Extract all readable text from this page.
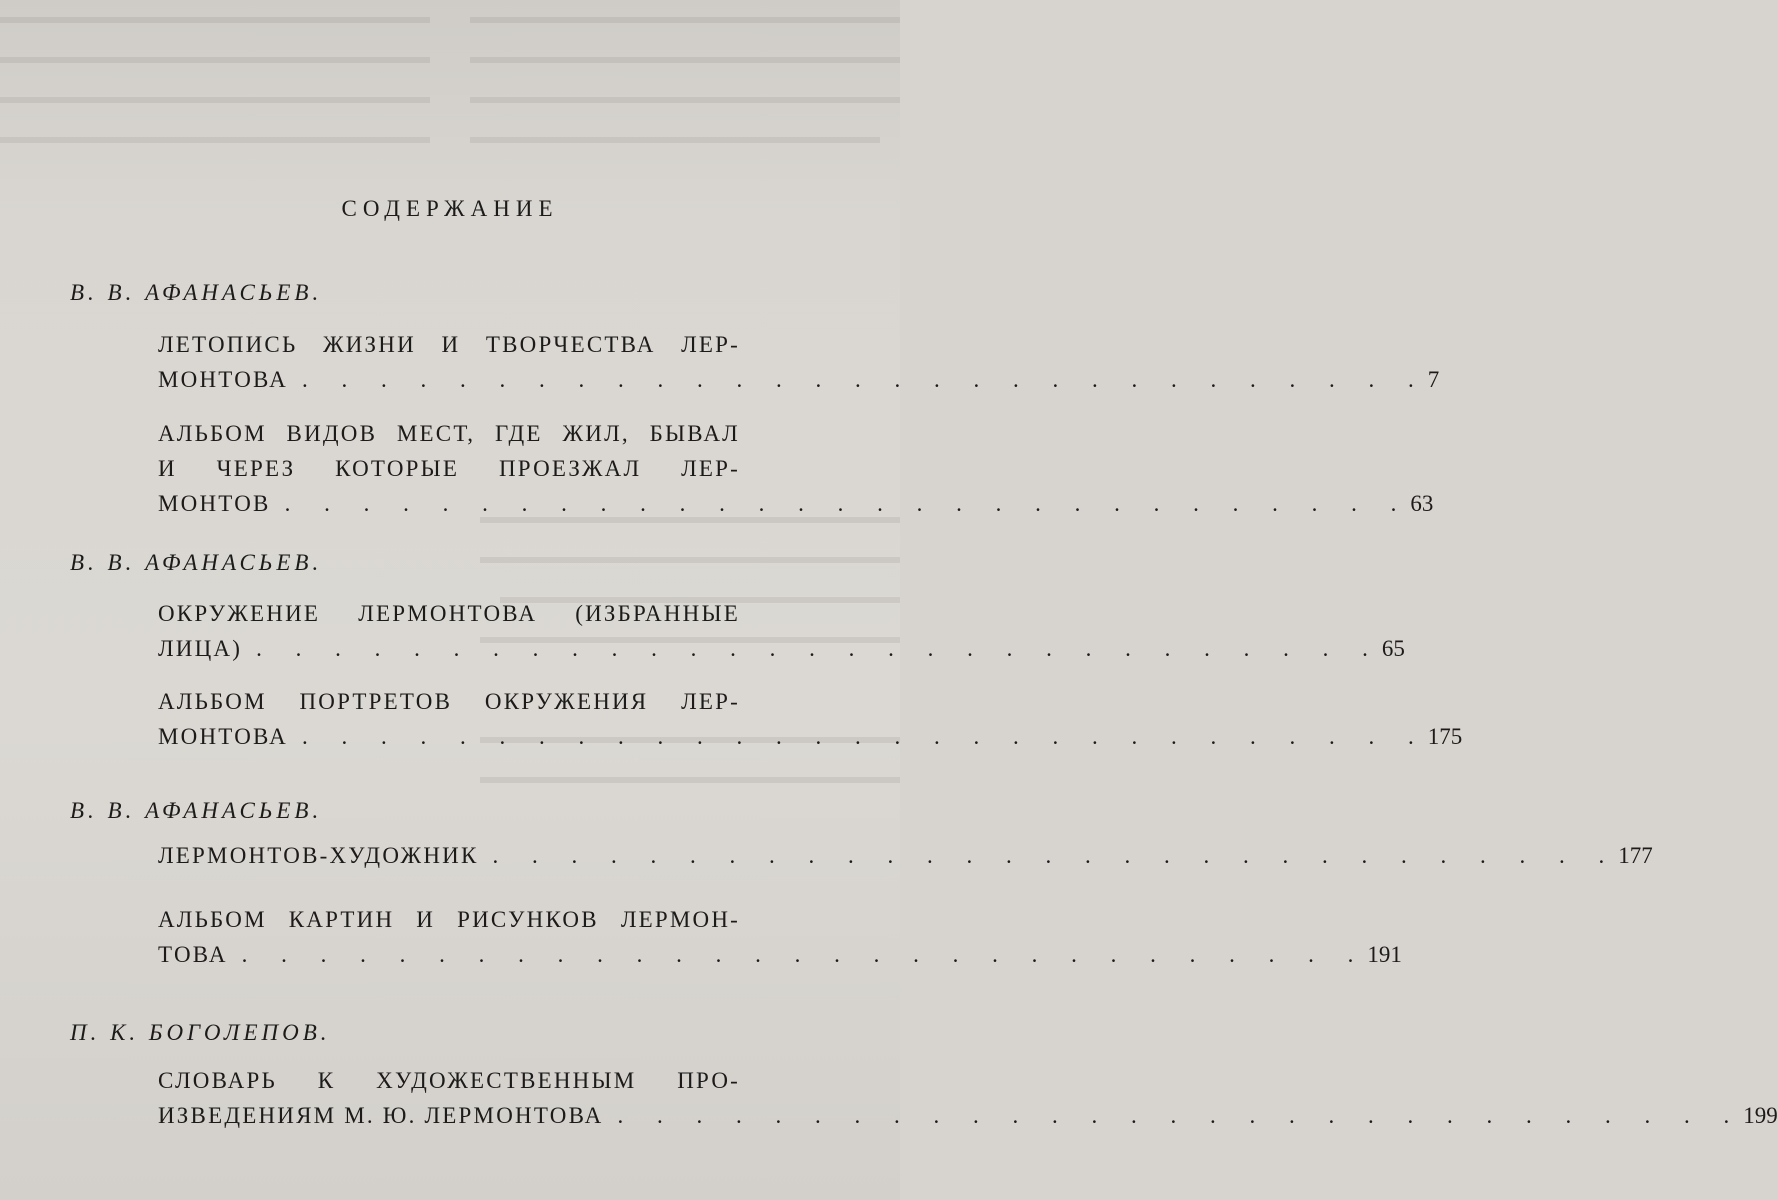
СОДЕРЖАНИЕ
В. В. АФАНАСЬЕВ.
ЛЕТОПИСЬ ЖИЗНИ И ТВОРЧЕСТВА ЛЕР-
МОНТОВА . . . . . . . . . . . . . . . . . . . . . . . . . . . . . 7
АЛЬБОМ ВИДОВ МЕСТ, ГДЕ ЖИЛ, БЫВАЛ
И ЧЕРЕЗ КОТОРЫЕ ПРОЕЗЖАЛ ЛЕР-
МОНТОВ . . . . . . . . . . . . . . . . . . . . . . . . . . . . . 63
В. В. АФАНАСЬЕВ.
ОКРУЖЕНИЕ ЛЕРМОНТОВА (ИЗБРАННЫЕ
ЛИЦА) . . . . . . . . . . . . . . . . . . . . . . . . . . . . . 65
АЛЬБОМ ПОРТРЕТОВ ОКРУЖЕНИЯ ЛЕР-
МОНТОВА . . . . . . . . . . . . . . . . . . . . . . . . . . . . . 175
В. В. АФАНАСЬЕВ.
ЛЕРМОНТОВ-ХУДОЖНИК . . . . . . . . . . . . . . . . . . . . . . . . . . . . . 177
АЛЬБОМ КАРТИН И РИСУНКОВ ЛЕРМОН-
ТОВА . . . . . . . . . . . . . . . . . . . . . . . . . . . . . 191
П. К. БОГОЛЕПОВ.
СЛОВАРЬ К ХУДОЖЕСТВЕННЫМ ПРО-
ИЗВЕДЕНИЯМ М. Ю. ЛЕРМОНТОВА . . . . . . . . . . . . . . . . . . . . . . . . . . . . . 199
